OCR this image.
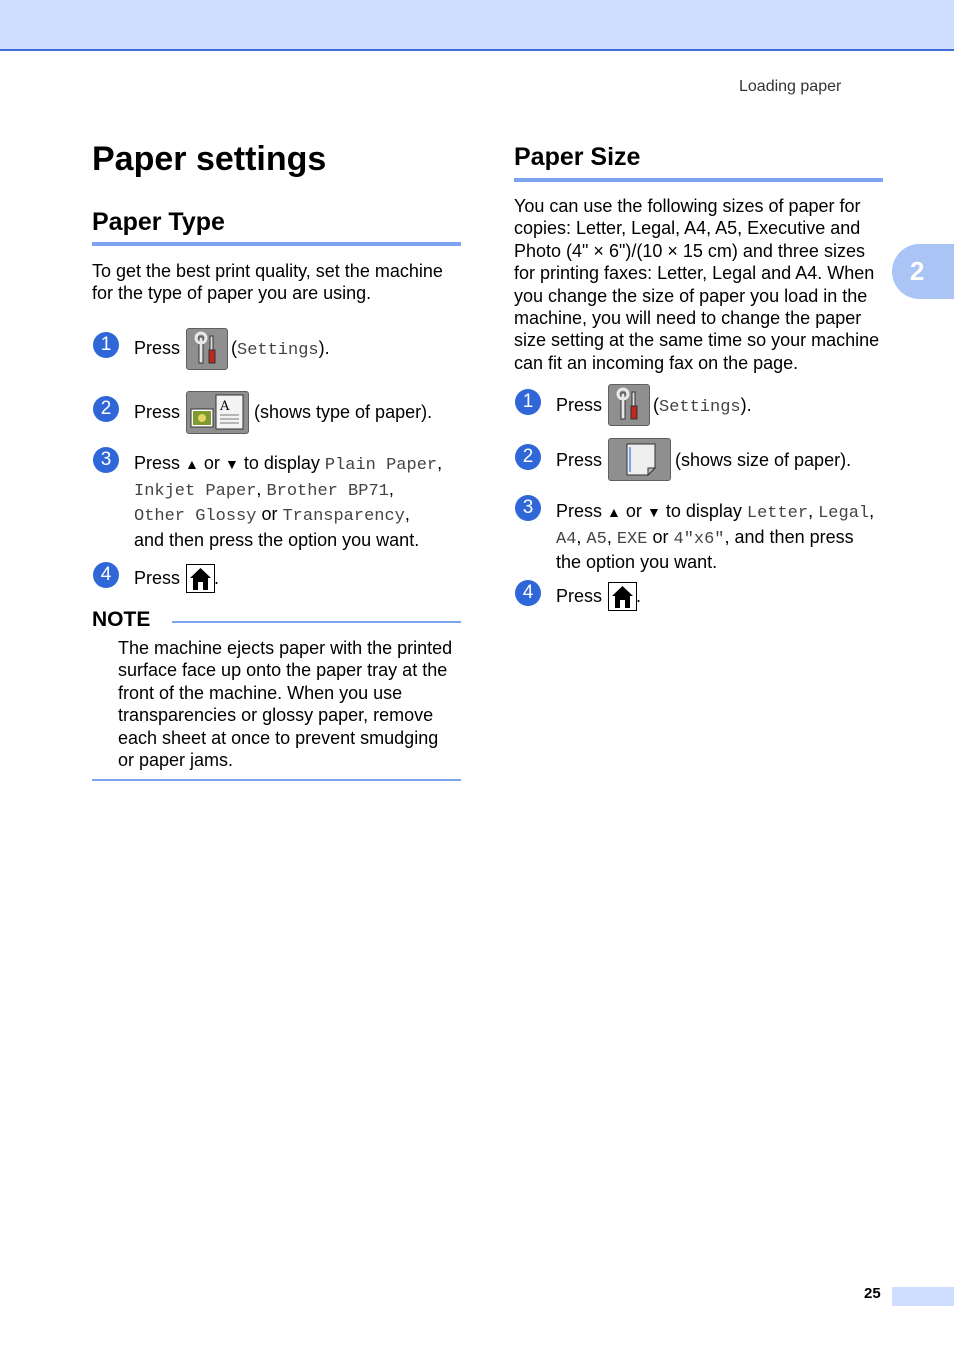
Loading paper
2
Paper settings
Paper Type

To get the best print quality, set the machine for the type of paper you are using.

1	Press	(Settings).
2	Press	A (shows type of paper).
3	Press ▲ or ▼ to display Plain Paper,
Inkjet Paper, Brother BP71,
Other Glossy or Transparency,
and then press the option you want.
4	Press .
NOTE
The machine ejects paper with the printed
surface face up onto the paper tray at the
front of the machine. When you use
transparencies or glossy paper, remove
each sheet at once to prevent smudging
or paper jams.
Paper Size
You can use the following sizes of paper for
copies: Letter, Legal, A4, A5, Executive and
Photo (4" × 6")/(10 × 15 cm) and three sizes
for printing faxes: Letter, Legal and A4. When
you change the size of paper you load in the
machine, you will need to change the paper
size setting at the same time so your machine
can fit an incoming fax on the page.
1	Press	(Settings).
2	Press	(shows size of paper).
3	Press ▲ or ▼ to display Letter, Legal,
A4, A5, EXE or 4"x6", and then press
the option you want.
4	Press .
25
